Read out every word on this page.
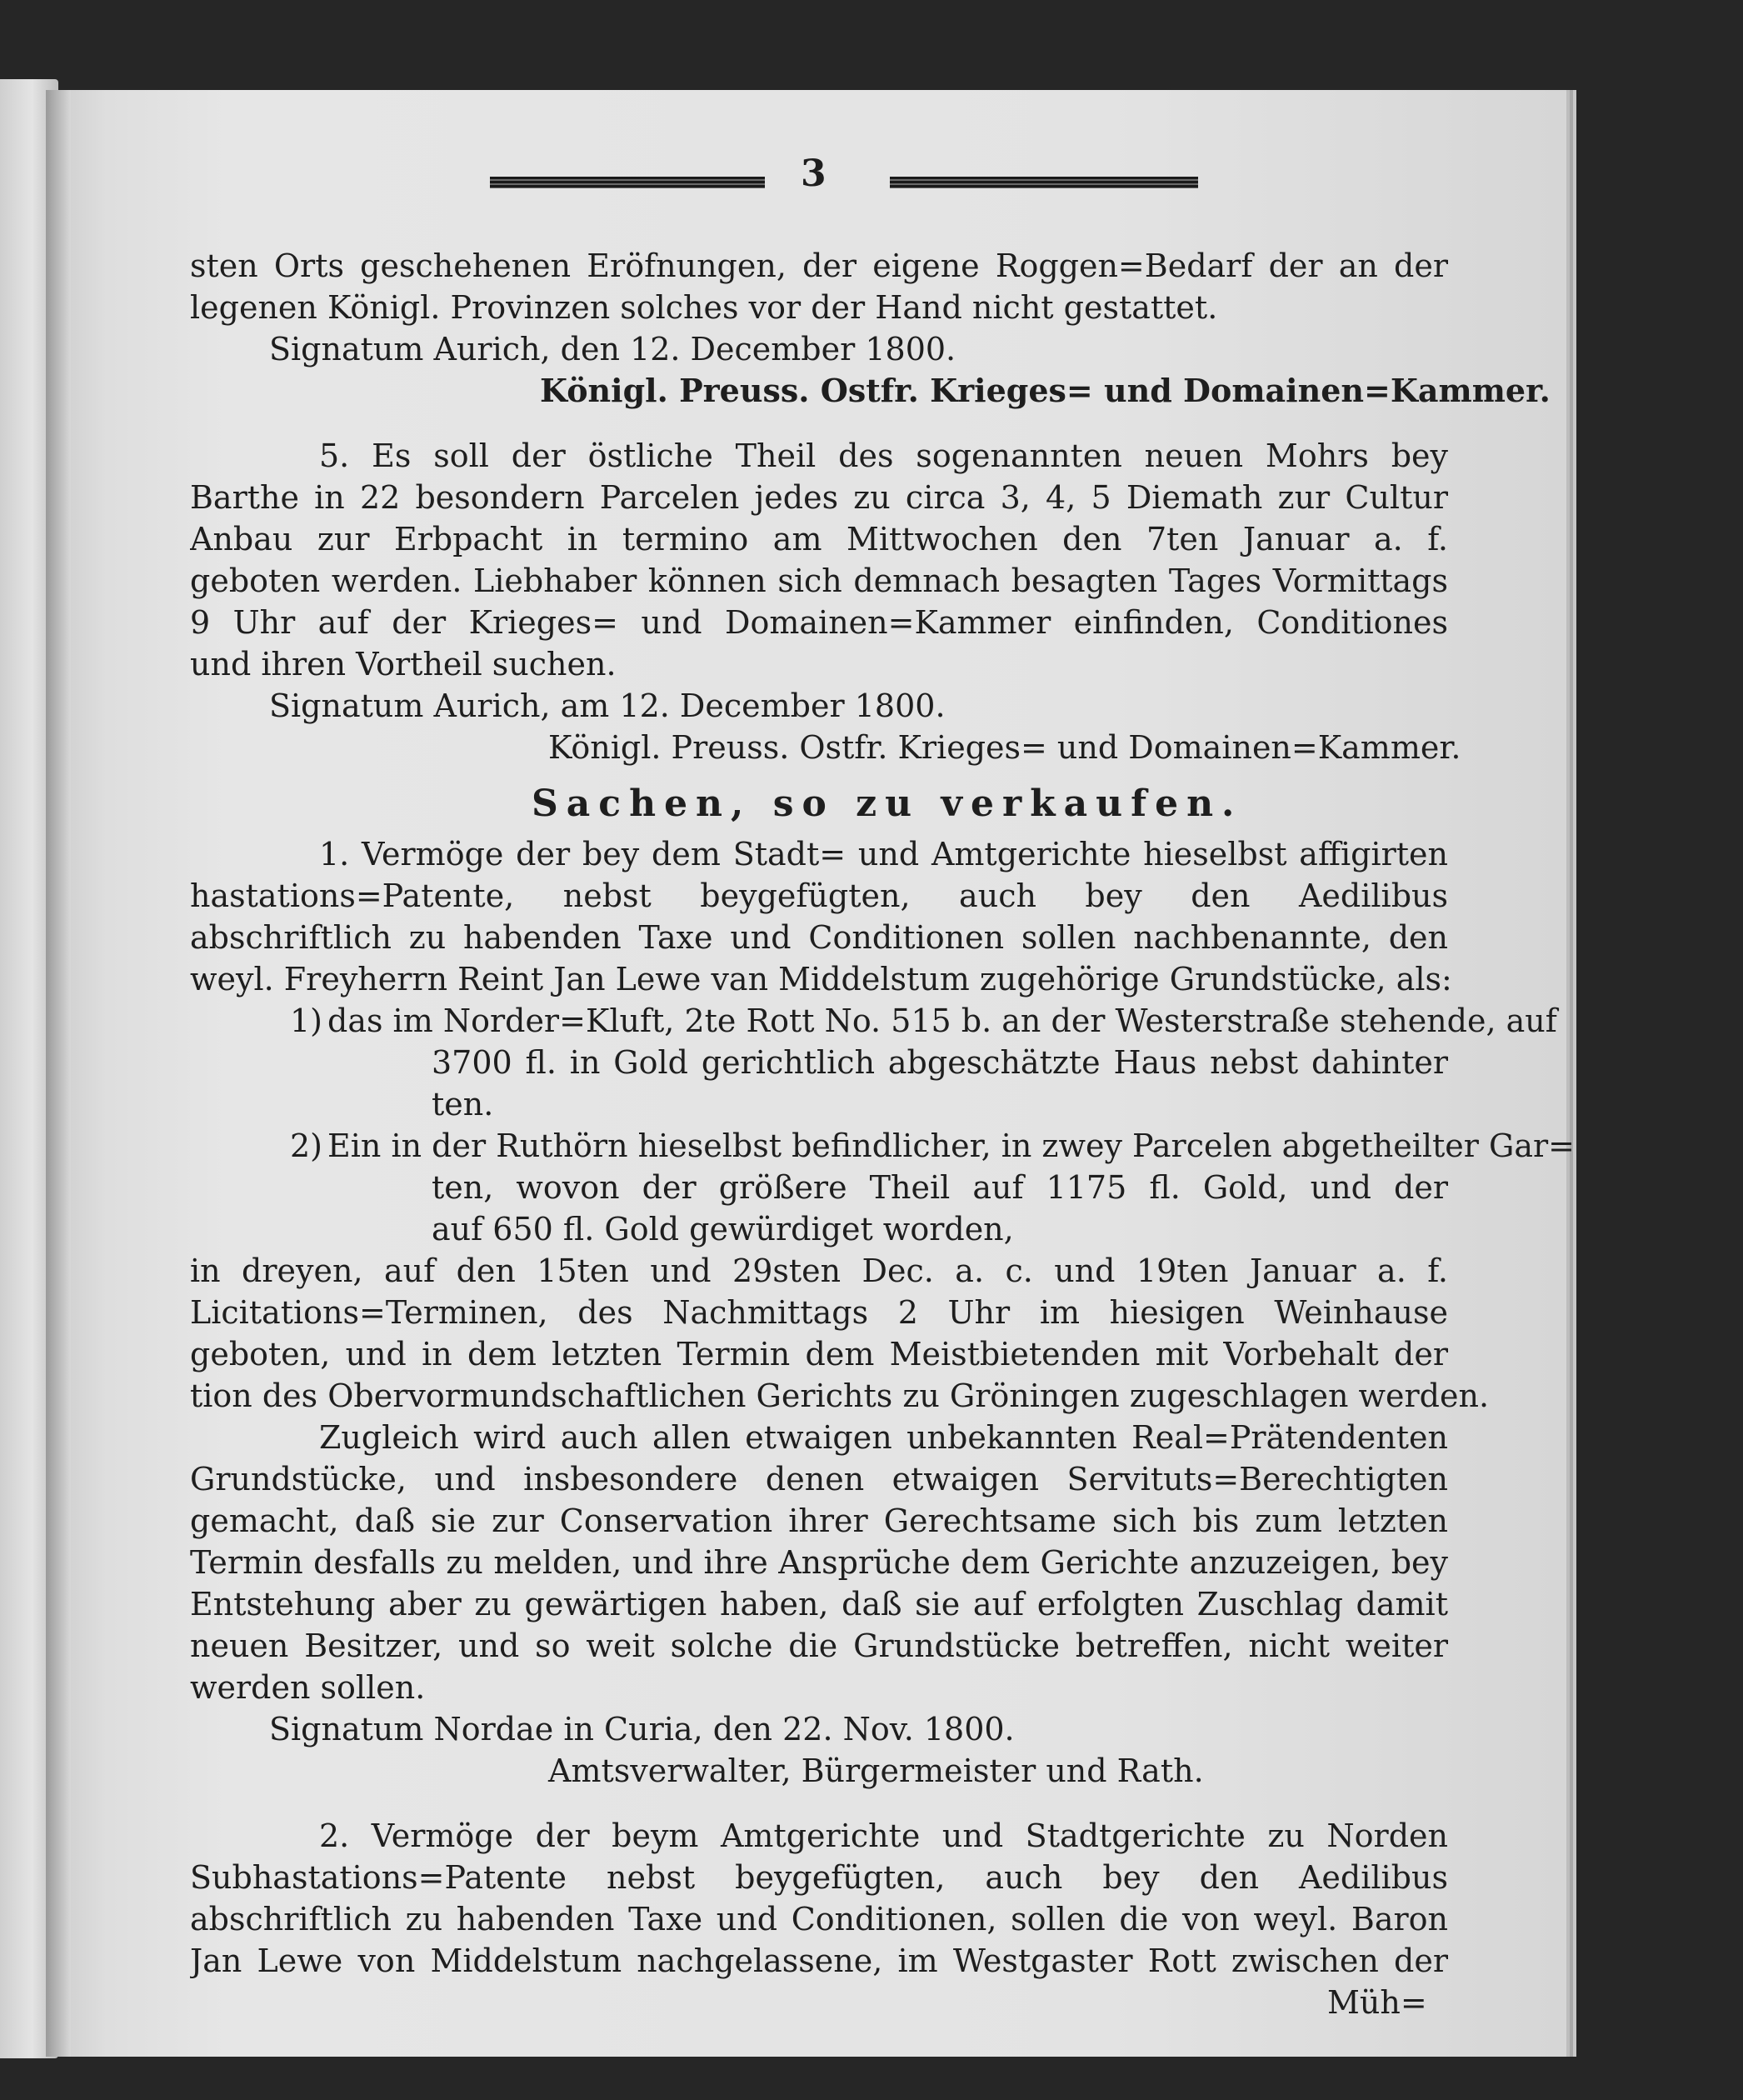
3
sten Orts geschehenen Eröfnungen, der eigene Roggen=Bedarf der an der
legenen Königl. Provinzen solches vor der Hand nicht gestattet.
Signatum Aurich, den 12. December 1800.
Königl. Preuss. Ostfr. Krieges= und Domainen=Kammer.
5. Es soll der östliche Theil des sogenannten neuen Mohrs bey
Barthe in 22 besondern Parcelen jedes zu circa 3, 4, 5 Diemath zur Cultur
Anbau zur Erbpacht in termino am Mittwochen den 7ten Januar a. f.
geboten werden. Liebhaber können sich demnach besagten Tages Vormittags
9 Uhr auf der Krieges= und Domainen=Kammer einfinden, Conditiones
und ihren Vortheil suchen.
Signatum Aurich, am 12. December 1800.
Königl. Preuss. Ostfr. Krieges= und Domainen=Kammer.
Sachen, so zu verkaufen.
1. Vermöge der bey dem Stadt= und Amtgerichte hieselbst affigirten
hastations=Patente, nebst beygefügten, auch bey den Aedilibus
abschriftlich zu habenden Taxe und Conditionen sollen nachbenannte, den
weyl. Freyherrn Reint Jan Lewe van Middelstum zugehörige Grundstücke, als:
1) das im Norder=Kluft, 2te Rott No. 515 b. an der Westerstraße stehende, auf
3700 fl. in Gold gerichtlich abgeschätzte Haus nebst dahinter
ten.
2) Ein in der Ruthörn hieselbst befindlicher, in zwey Parcelen abgetheilter Gar=
ten, wovon der größere Theil auf 1175 fl. Gold, und der
auf 650 fl. Gold gewürdiget worden,
in dreyen, auf den 15ten und 29sten Dec. a. c. und 19ten Januar a. f.
Licitations=Terminen, des Nachmittags 2 Uhr im hiesigen Weinhause
geboten, und in dem letzten Termin dem Meistbietenden mit Vorbehalt der
tion des Obervormundschaftlichen Gerichts zu Gröningen zugeschlagen werden.
Zugleich wird auch allen etwaigen unbekannten Real=Prätendenten
Grundstücke, und insbesondere denen etwaigen Servituts=Berechtigten
gemacht, daß sie zur Conservation ihrer Gerechtsame sich bis zum letzten
Termin desfalls zu melden, und ihre Ansprüche dem Gerichte anzuzeigen, bey
Entstehung aber zu gewärtigen haben, daß sie auf erfolgten Zuschlag damit
neuen Besitzer, und so weit solche die Grundstücke betreffen, nicht weiter
werden sollen.
Signatum Nordae in Curia, den 22. Nov. 1800.
Amtsverwalter, Bürgermeister und Rath.
2. Vermöge der beym Amtgerichte und Stadtgerichte zu Norden
Subhastations=Patente nebst beygefügten, auch bey den Aedilibus
abschriftlich zu habenden Taxe und Conditionen, sollen die von weyl. Baron
Jan Lewe von Middelstum nachgelassene, im Westgaster Rott zwischen der
Müh=
